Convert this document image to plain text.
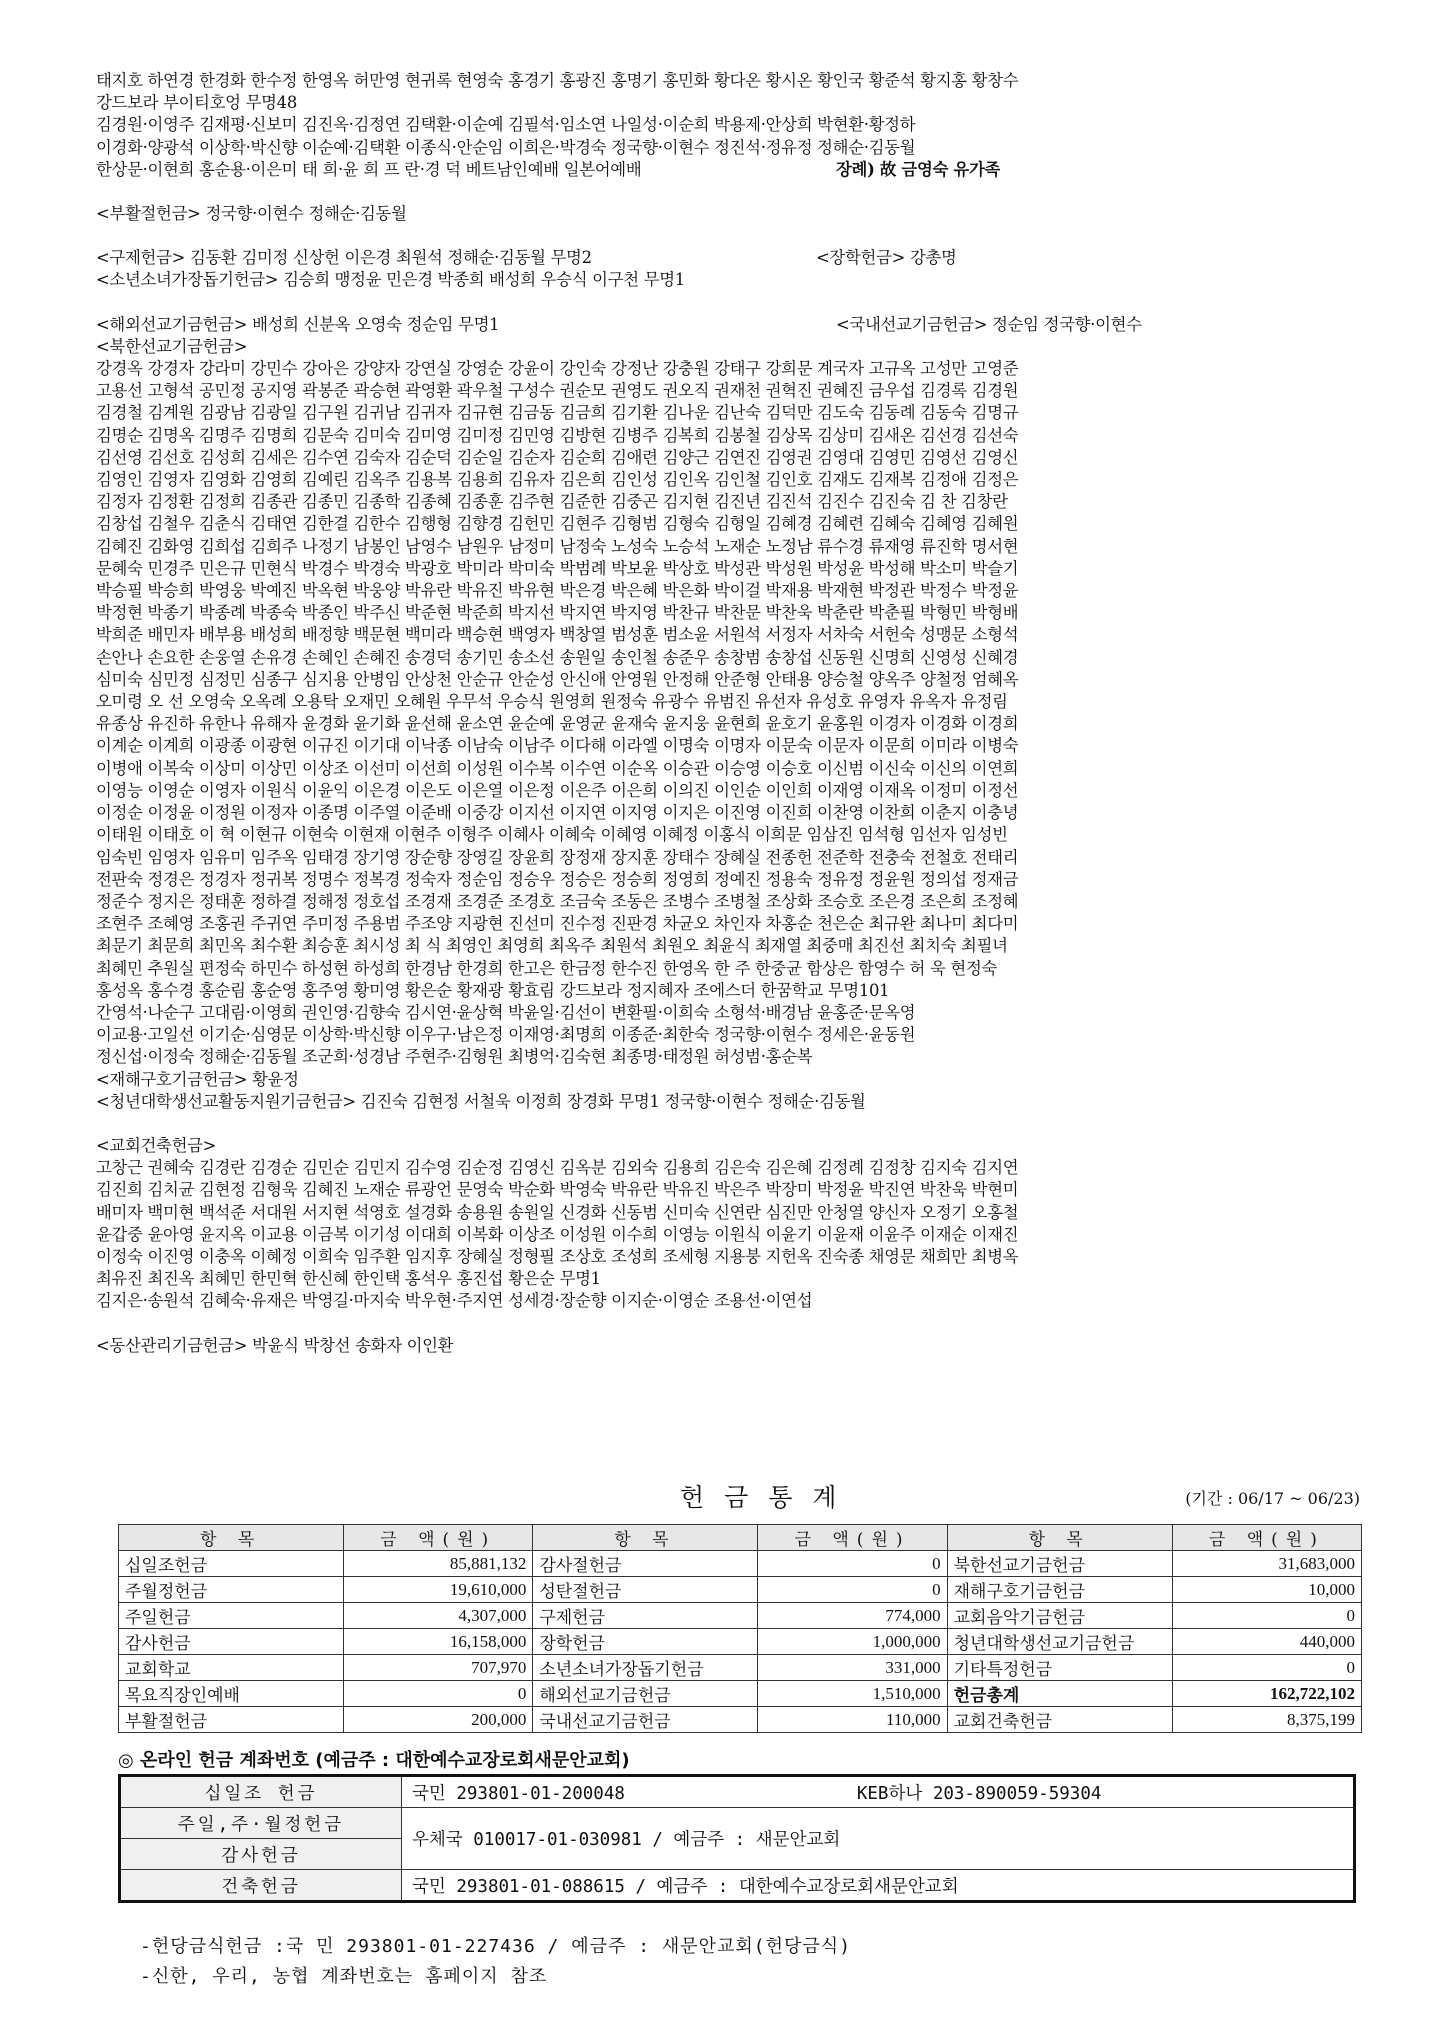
태지호 하연경 한경화 한수정 한영옥 허만영 현귀록 현영숙 홍경기 홍광진 홍명기 홍민화 황다온 황시온 황인국 황준석 황지홍 황창수
강드보라 부이티호엉 무명48
김경원·이영주 김재평·신보미 김진옥·김정연 김택환·이순예 김필석·임소연 나일성·이순희 박용제·안상희 박현환·황정하
이경화·양광석 이상학·박신향 이순예·김택환 이종식·안순임 이희은·박경숙 정국향·이현수 정진석·정유정 정해순·김동월
한상문·이현희 홍순용·이은미 태 희·윤 희 프 란·경 덕 베트남인예배 일본어예배	장례) 故 금영숙 유가족
<부활절헌금> 정국향·이현수 정해순·김동월
<구제헌금> 김동환 김미정 신상헌 이은경 최원석 정해순·김동월 무명2	<장학헌금> 강총명
<소년소녀가장돕기헌금> 김승희 맹정윤 민은경 박종희 배성희 우승식 이구천 무명1
<해외선교기금헌금> 배성희 신분옥 오영숙 정순임 무명1	<국내선교기금헌금> 정순임 정국향·이현수
<북한선교기금헌금>
강경옥 강경자 강라미 강민수 강아은 강양자 강연실 강영순 강윤이 강인숙 강정난 강충원 강태구 강희문 계국자 고규옥 고성만 고영준
고용선 고형석 공민정 공지영 곽봉준 곽승현 곽영환 곽우철 구성수 권순모 권영도 권오직 권재천 권혁진 권혜진 금우섭 김경록 김경원
김경철 김계원 김광남 김광일 김구원 김귀남 김귀자 김규현 김금동 김금희 김기환 김나운 김난숙 김덕만 김도숙 김동례 김동숙 김명규
김명순 김명옥 김명주 김명희 김문숙 김미숙 김미영 김미정 김민영 김방현 김병주 김복희 김봉철 김상목 김상미 김새온 김선경 김선숙
김선영 김선호 김성희 김세은 김수연 김숙자 김순덕 김순일 김순자 김순희 김애련 김양근 김연진 김영권 김영대 김영민 김영선 김영신
김영인 김영자 김영화 김영희 김예린 김옥주 김용복 김용희 김유자 김은희 김인성 김인옥 김인철 김인호 김재도 김재복 김정애 김정은
김정자 김정환 김정희 김종관 김종민 김종학 김종혜 김종훈 김주현 김준한 김중곤 김지현 김진년 김진석 김진수 김진숙 김 찬 김창란
김창섭 김철우 김춘식 김태연 김한결 김한수 김행형 김향경 김헌민 김현주 김형범 김형숙 김형일 김혜경 김혜련 김혜숙 김혜영 김혜원
김혜진 김화영 김희섭 김희주 나정기 남봉인 남영수 남원우 남정미 남정숙 노성숙 노승석 노재순 노정남 류수경 류재영 류진학 명서현
문혜숙 민경주 민은규 민현식 박경수 박경숙 박광호 박미라 박미숙 박범례 박보윤 박상호 박성관 박성원 박성윤 박성해 박소미 박슬기
박승필 박승희 박영웅 박예진 박옥현 박웅양 박유란 박유진 박유현 박은경 박은혜 박은화 박이걸 박재용 박재현 박정관 박정수 박정윤
박정현 박종기 박종례 박종숙 박종인 박주신 박준현 박준희 박지선 박지연 박지영 박찬규 박찬문 박찬욱 박춘란 박춘필 박형민 박형배
박희준 배민자 배부용 배성희 배정향 백문현 백미라 백승현 백영자 백창열 범성훈 범소윤 서원석 서정자 서차숙 서헌숙 성맹문 소형석
손안나 손요한 손웅열 손유경 손혜인 손혜진 송경덕 송기민 송소선 송원일 송인철 송준우 송창범 송창섭 신동원 신명희 신영성 신혜경
심미숙 심민정 심정민 심종구 심지용 안병임 안상천 안순규 안순성 안신애 안영원 안정해 안준형 안태용 양승철 양옥주 양철정 엄혜옥
오미령 오 선 오영숙 오옥례 오용탁 오재민 오혜원 우무석 우승식 원영희 원정숙 유광수 유범진 유선자 유성호 유영자 유옥자 유정림
유종상 유진하 유한나 유해자 윤경화 윤기화 윤선해 윤소연 윤순예 윤영균 윤재숙 윤지웅 윤현희 윤호기 윤홍원 이경자 이경화 이경희
이계순 이계희 이광종 이광현 이규진 이기대 이낙종 이남숙 이남주 이다해 이라엘 이명숙 이명자 이문숙 이문자 이문희 이미라 이병숙
이병애 이복숙 이상미 이상민 이상조 이선미 이선희 이성원 이수복 이수연 이순옥 이승관 이승영 이승호 이신범 이신숙 이신의 이연희
이영능 이영순 이영자 이원식 이윤익 이은경 이은도 이은열 이은정 이은주 이은희 이의진 이인순 이인희 이재영 이재옥 이정미 이정선
이정순 이정윤 이정원 이정자 이종명 이주열 이준배 이중강 이지선 이지연 이지영 이지은 이진영 이진희 이찬영 이찬희 이춘지 이충녕
이태원 이태호 이 혁 이현규 이현숙 이현재 이현주 이형주 이혜사 이혜숙 이혜영 이혜정 이홍식 이희문 임삼진 임석형 임선자 임성빈
임숙빈 임영자 임유미 임주옥 임태경 장기영 장순향 장영길 장윤희 장정재 장지훈 장태수 장혜실 전종헌 전준학 전충숙 전철호 전태리
전판숙 정경은 정경자 정귀복 정명수 정복경 정숙자 정순임 정승우 정승은 정승희 정영희 정예진 정용숙 정유정 정윤원 정의섭 정재금
정준수 정지은 정태훈 정하결 정해정 정호섭 조경재 조경준 조경호 조금숙 조동은 조병수 조병철 조상화 조승호 조은경 조은희 조정혜
조현주 조혜영 조홍권 주귀연 주미정 주용범 주조양 지광현 진선미 진수정 진판경 차균오 차인자 차홍순 천은순 최규완 최나미 최다미
최문기 최문희 최민옥 최수환 최승훈 최시성 최 식 최영인 최영희 최옥주 최원석 최원오 최윤식 최재열 최중매 최진선 최치숙 최필녀
최혜민 추원실 편정숙 하민수 하성현 하성희 한경남 한경희 한고은 한금정 한수진 한영옥 한 주 한중균 함상은 함영수 허 욱 현정숙
홍성옥 홍수경 홍순림 홍순영 홍주영 황미영 황은순 황재광 황효림 강드보라 정지혜자 조에스더 한꿈학교 무명101
간영석·나순구 고대림·이영희 권인영·김향숙 김시연·윤상혁 박윤일·김선이 변환필·이희숙 소형석·배경남 윤홍준·문옥영
이교용·고일선 이기순·심영문 이상학·박신향 이우구·남은정 이재영·최명희 이종준·최한숙 정국향·이현수 정세은·윤동원
정신섭·이정숙 정해순·김동월 조군희·성경남 주현주·김형원 최병억·김숙현 최종명·태정원 허성범·홍순복
<재해구호기금헌금> 황윤정
<청년대학생선교활동지원기금헌금> 김진숙 김현정 서철욱 이정희 장경화 무명1 정국향·이현수 정해순·김동월
<교회건축헌금>
고창근 권혜숙 김경란 김경순 김민순 김민지 김수영 김순정 김영신 김옥분 김외숙 김용희 김은숙 김은혜 김정례 김정창 김지숙 김지연
김진희 김치균 김현정 김형욱 김혜진 노재순 류광언 문영숙 박순화 박영숙 박유란 박유진 박은주 박장미 박정윤 박진연 박찬욱 박현미
배미자 백미현 백석준 서대원 서지현 석영호 설경화 송용원 송원일 신경화 신동범 신미숙 신연란 심진만 안청열 양신자 오정기 오홍철
윤갑중 윤아영 윤지옥 이교용 이금복 이기성 이대희 이복화 이상조 이성원 이수희 이영능 이원식 이윤기 이윤재 이윤주 이재순 이재진
이정숙 이진영 이충옥 이혜정 이희숙 임주환 임지후 장혜실 정형필 조상호 조성희 조세형 지용붕 지헌옥 진숙종 채영문 채희만 최병옥
최유진 최진옥 최혜민 한민혁 한신혜 한인택 홍석우 홍진섭 황은순 무명1
김지은·송원석 김혜숙·유재은 박영길·마지숙 박우현·주지연 성세경·장순향 이지순·이영순 조용선·이연섭
<동산관리기금헌금> 박윤식 박창선 송화자 이인환
헌 금 통 계	(기간 : 06/17 ~ 06/23)
항 목	금 액(원)	항 목	금 액(원)	항 목	금 액(원)
십일조헌금	85,881,132	감사절헌금	0	북한선교기금헌금	31,683,000
주월정헌금	19,610,000	성탄절헌금	0	재해구호기금헌금	10,000
주일헌금	4,307,000	구제헌금	774,000	교회음악기금헌금	0
감사헌금	16,158,000	장학헌금	1,000,000	청년대학생선교기금헌금	440,000
교회학교	707,970	소년소녀가장돕기헌금	331,000	기타특정헌금	0
목요직장인예배	0	해외선교기금헌금	1,510,000	헌금총계	162,722,102
부활절헌금	200,000	국내선교기금헌금	110,000	교회건축헌금	8,375,199
◎ 온라인 헌금 계좌번호 (예금주 : 대한예수교장로회새문안교회)
십일조 헌금	국민 293801-01-200048	KEB하나 203-890059-59304
주일,주·월정헌금	우체국 010017-01-030981 / 예금주 : 새문안교회	
감사헌금		
건축헌금	국민 293801-01-088615 / 예금주 : 대한예수교장로회새문안교회	
-헌당금식헌금 :국 민 293801-01-227436 / 예금주 : 새문안교회(헌당금식)
-신한, 우리, 농협 계좌번호는 홈페이지 참조
